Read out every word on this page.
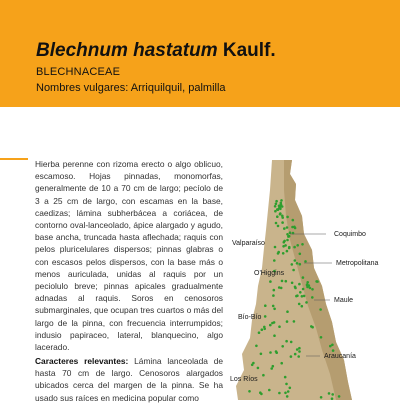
Blechnum hastatum Kaulf.
BLECHNACEAE
Nombres vulgares: Arriquilquil, palmilla

Hierba perenne con rizoma erecto o algo oblicuo, escamoso. Hojas pinnadas, monomorfas, generalmente de 10 a 70 cm de largo; pecíolo de 3 a 25 cm de largo, con escamas en la base, caedizas; lámina subherbácea a coriácea, de contorno oval-lanceolado, ápice alargado y agudo, base ancha, truncada hasta aflechada; raquis con pelos pluricelulares dispersos; pinnas glabras o con escasos pelos dispersos, con la base más o menos auriculada, unidas al raquis por un peciolulo breve; pinnas apicales gradualmente adnadas al raquis. Soros en cenosoros submarginales, que ocupan tres cuartos o más del largo de la pinna, con frecuencia interrumpidos; indusio papiraceo, lateral, blanquecino, algo lacerado.

Caracteres relevantes: Lámina lanceolada de hasta 70 cm de largo. Cenosoros alargados ubicados cerca del margen de la pinna. Se ha usado sus raíces en medicina popular como

Coquimbo
Valparaíso
Metropolitana
O'Higgins
Maule
Bío-Bío
Araucanía
Los Ríos
